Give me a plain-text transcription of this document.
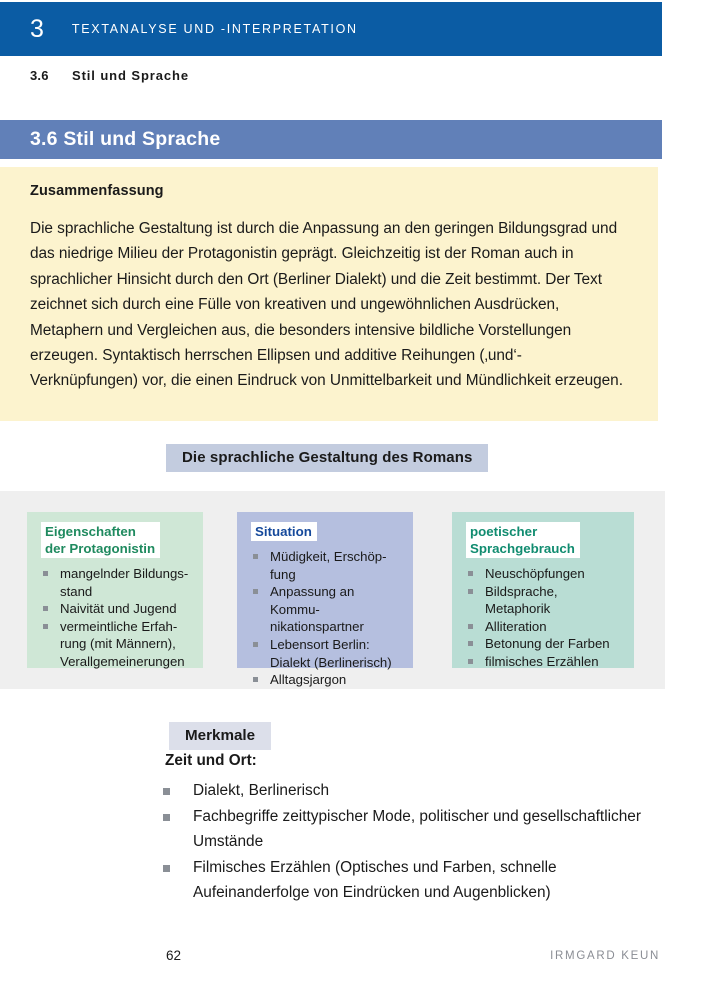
3 TEXTANALYSE UND -INTERPRETATION
3.6 Stil und Sprache
3.6 Stil und Sprache
Zusammenfassung

Die sprachliche Gestaltung ist durch die Anpassung an den geringen Bildungsgrad und das niedrige Milieu der Protagonistin geprägt. Gleichzeitig ist der Roman auch in sprachlicher Hinsicht durch den Ort (Berliner Dialekt) und die Zeit bestimmt. Der Text zeichnet sich durch eine Fülle von kreativen und ungewöhnlichen Ausdrücken, Metaphern und Vergleichen aus, die besonders intensive bildliche Vorstellungen erzeugen. Syntaktisch herrschen Ellipsen und additive Reihungen (‚und‘-Verknüpfungen) vor, die einen Eindruck von Unmittelbarkeit und Mündlichkeit erzeugen.

Die sprachliche Gestaltung des Romans
Eigenschaften
der Protagonistin
mangelnder Bildungs-
stand
Naivität und Jugend
vermeintliche Erfah-
rung (mit Männern),
Verallgemeinerungen
Situation
Müdigkeit, Erschöp-
fung
Anpassung an Kommu-
nikationspartner
Lebensort Berlin:
Dialekt (Berlinerisch)
Alltagsjargon
poetischer
Sprachgebrauch
Neuschöpfungen
Bildsprache,
Metaphorik
Alliteration
Betonung der Farben
filmisches Erzählen
Merkmale
Zeit und Ort:
Dialekt, Berlinerisch
Fachbegriffe zeittypischer Mode, politischer und gesellschaftlicher Umstände
Filmisches Erzählen (Optisches und Farben, schnelle Aufeinanderfolge von Eindrücken und Augenblicken)
62	IRMGARD KEUN
